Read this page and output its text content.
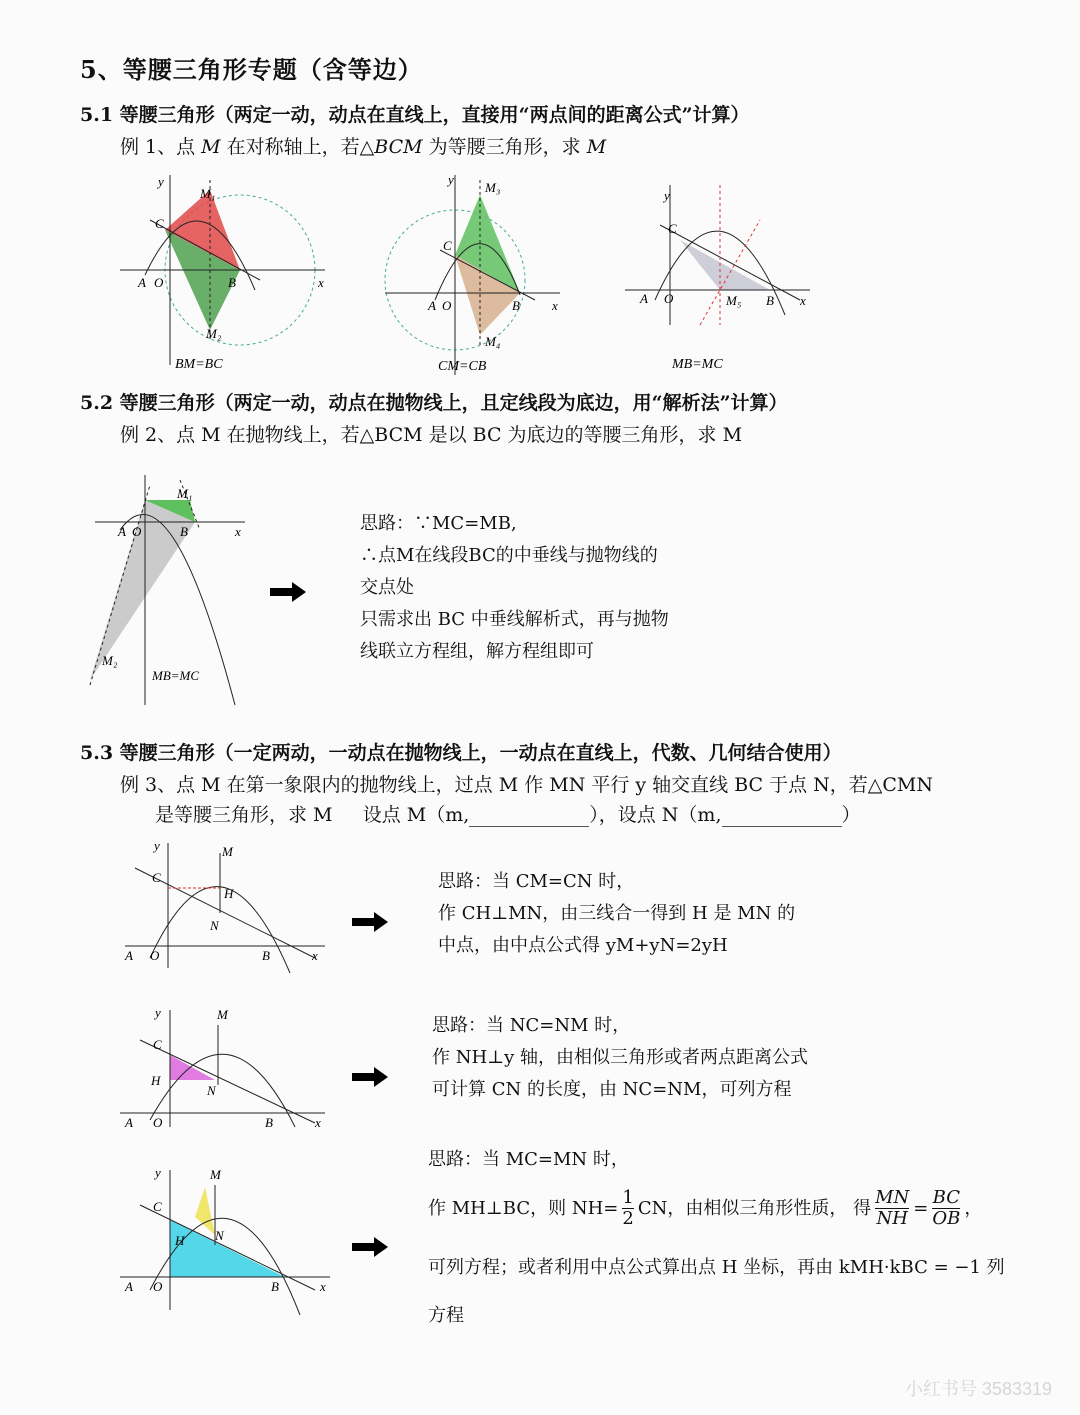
5、等腰三角形专题（含等边）
5.1 等腰三角形（两定一动，动点在直线上，直接用“两点间的距离公式”计算）
例 1、点 M 在对称轴上，若△BCM 为等腰三角形，求 M
M₁
C
A O	B	x
y
M₂
BM=BC
M₃
C
A O	B x
y
M₄
CM=CB
C
A O	M₅ B x
y
MB=MC
5.2 等腰三角形（两定一动，动点在抛物线上，且定线段为底边，用“解析法”计算）
例 2、点 M 在抛物线上，若△BCM 是以 BC 为底边的等腰三角形，求 M
M₁
A O	B	x
M₂
MB=MC
思路：∵MC=MB,
∴点M在线段BC的中垂线与抛物线的
交点处
只需求出 BC 中垂线解析式，再与抛物
线联立方程组，解方程组即可
5.3 等腰三角形（一定两动，一动点在抛物线上，一动点在直线上，代数、几何结合使用）
例 3、点 M 在第一象限内的抛物线上，过点 M 作 MN 平行 y 轴交直线 BC 于点 N，若△CMN
是等腰三角形，求 M 设点 M（m,	），设点 N（m,	）
M
C
H
N
A O	B	x
y
思路：当 CM=CN 时，
作 CH⊥MN，由三线合一得到 H 是 MN 的
中点，由中点公式得 yM+yN=2yH
M
C
H
N
A O	B	x
y
思路：当 NC=NM 时，
作 NH⊥y 轴，由相似三角形或者两点距离公式
可计算 CN 的长度，由 NC=NM，可列方程
M
C
H N
A O	B	x
y
思路：当 MC=MN 时，
作 MH⊥BC，则 $NH= \frac{1}{2}$ CN，由相似三角形性质， 得 $\frac{MN}{NH} = \frac{BC}{OB}$ ，
可列方程；或者利用中点公式算出点 H 坐标，再由 kMH·kBC = −1 列
方程
小红书号 3583319
